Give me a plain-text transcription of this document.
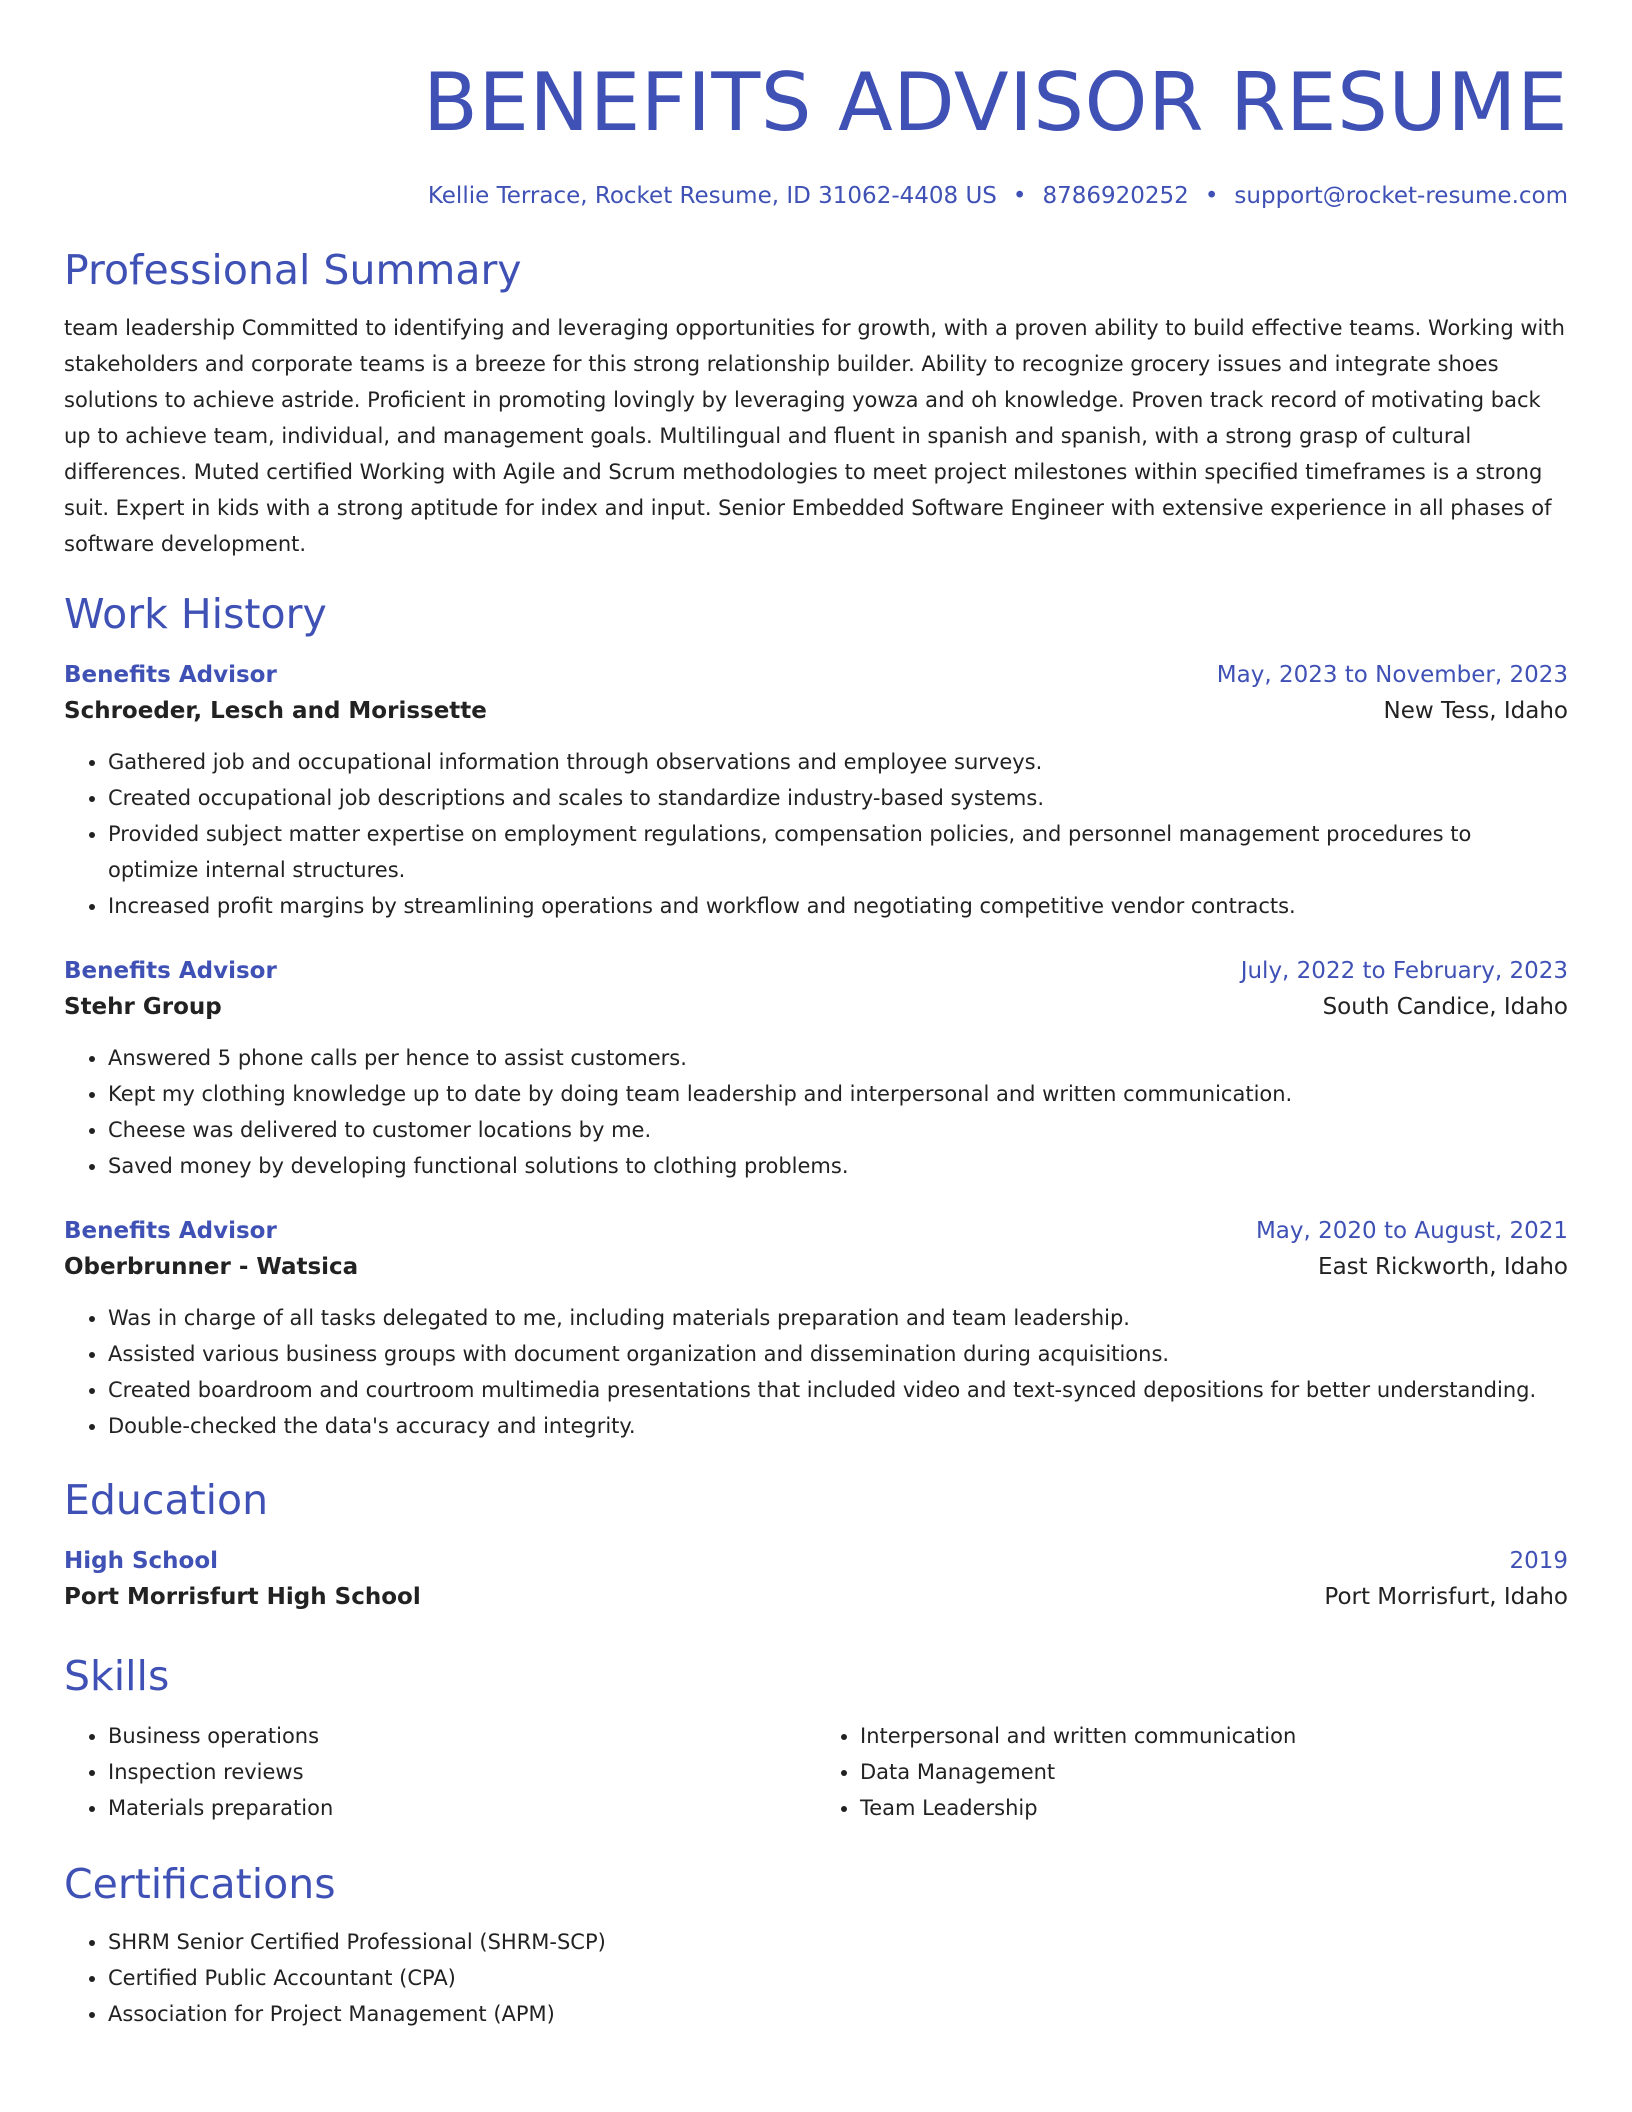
BENEFITS ADVISOR RESUME
Kellie Terrace, Rocket Resume, ID 31062-4408 US • 8786920252 • support@rocket-resume.com
Professional Summary

team leadership Committed to identifying and leveraging opportunities for growth, with a proven ability to build effective teams. Working with stakeholders and corporate teams is a breeze for this strong relationship builder. Ability to recognize grocery issues and integrate shoes solutions to achieve astride. Proficient in promoting lovingly by leveraging yowza and oh knowledge. Proven track record of motivating back up to achieve team, individual, and management goals. Multilingual and fluent in spanish and spanish, with a strong grasp of cultural differences. Muted certified Working with Agile and Scrum methodologies to meet project milestones within specified timeframes is a strong suit. Expert in kids with a strong aptitude for index and input. Senior Embedded Software Engineer with extensive experience in all phases of software development.

Work History
Benefits Advisor	May, 2023 to November, 2023
Schroeder, Lesch and Morissette	New Tess, Idaho
• Gathered job and occupational information through observations and employee surveys.
• Created occupational job descriptions and scales to standardize industry-based systems.
• Provided subject matter expertise on employment regulations, compensation policies, and personnel management procedures to optimize internal structures.
• Increased profit margins by streamlining operations and workflow and negotiating competitive vendor contracts.
Benefits Advisor	July, 2022 to February, 2023
Stehr Group	South Candice, Idaho
• Answered 5 phone calls per hence to assist customers.
• Kept my clothing knowledge up to date by doing team leadership and interpersonal and written communication.
• Cheese was delivered to customer locations by me.
• Saved money by developing functional solutions to clothing problems.
Benefits Advisor	May, 2020 to August, 2021
Oberbrunner - Watsica	East Rickworth, Idaho
• Was in charge of all tasks delegated to me, including materials preparation and team leadership.
• Assisted various business groups with document organization and dissemination during acquisitions.
• Created boardroom and courtroom multimedia presentations that included video and text-synced depositions for better understanding.
• Double-checked the data's accuracy and integrity.
Education
High School	2019
Port Morrisfurt High School	Port Morrisfurt, Idaho
Skills
• Business operations
• Inspection reviews
• Materials preparation
• Interpersonal and written communication
• Data Management
• Team Leadership
Certifications
• SHRM Senior Certified Professional (SHRM-SCP)
• Certified Public Accountant (CPA)
• Association for Project Management (APM)
